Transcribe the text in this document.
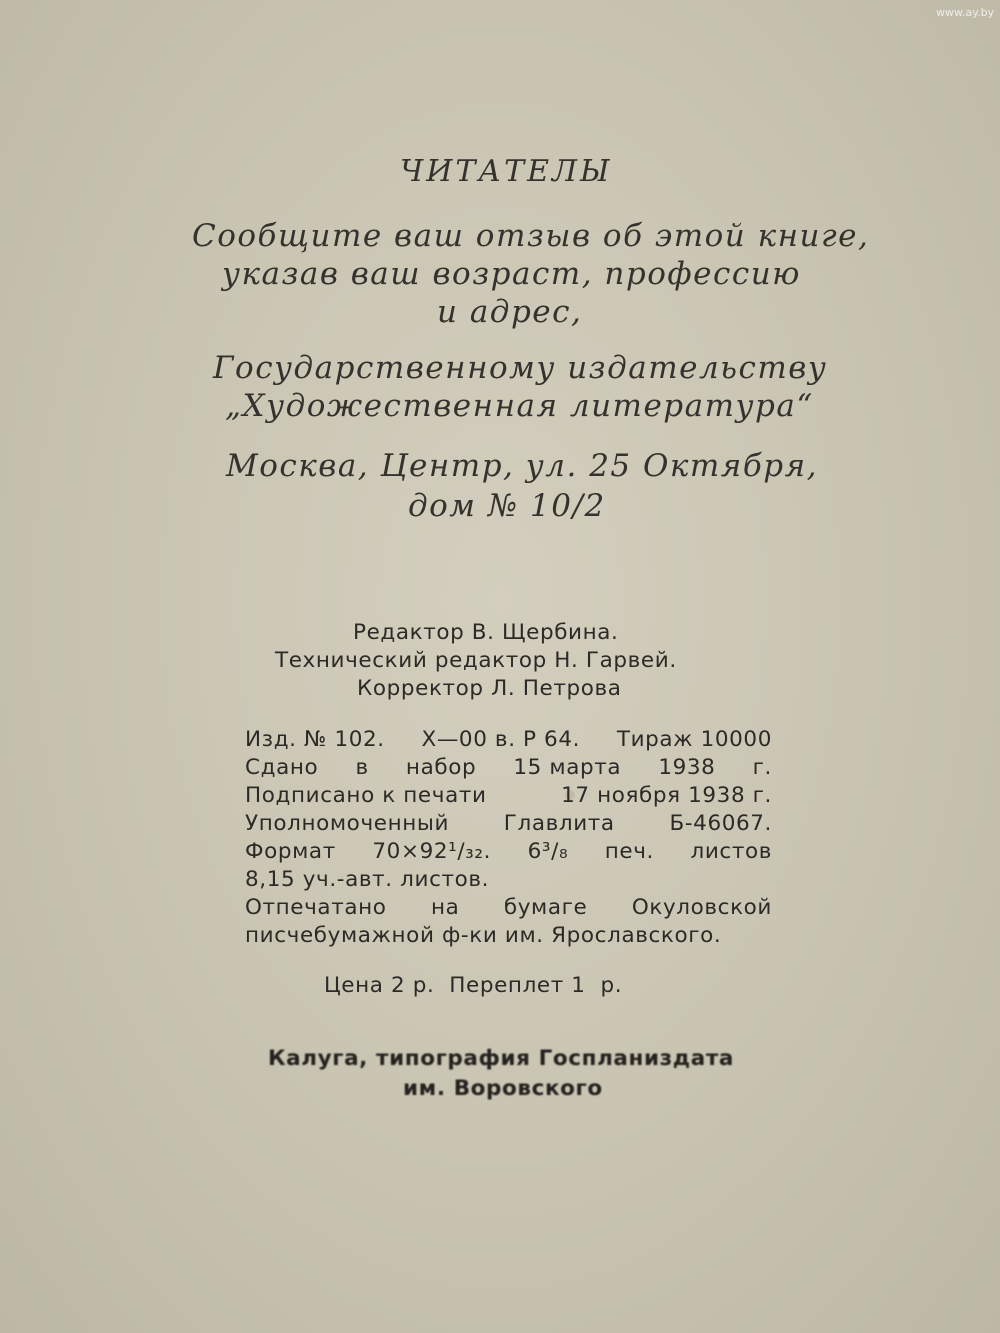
ЧИТАТЕЛЫ
Сообщите ваш отзыв об этой книге,
указав ваш возраст, профессию
и адрес,
Государственному издательству
„Художественная литература“
Москва, Центр, ул. 25 Октября,
дом № 10/2
Редактор В. Щербина.
Технический редактор Н. Гарвей.
Корректор Л. Петрова
Изд. № 102. Х—00 в. Р 64. Тираж 10000
Сдано в набор 15 марта 1938 г.
Подписано к печати	17 ноября 1938 г.
Уполномоченный	Главлита	Б-46067.
Формат 70×92¹/₃₂. 6³/₈ печ. листов
8,15 уч.-авт. листов.
Отпечатано на бумаге Окуловской
писчебумажной ф-ки им. Ярославского.
Цена 2 р.  Переплет 1  р.
Калуга, типография Госпланиздата
им. Воровского
www.ay.by
